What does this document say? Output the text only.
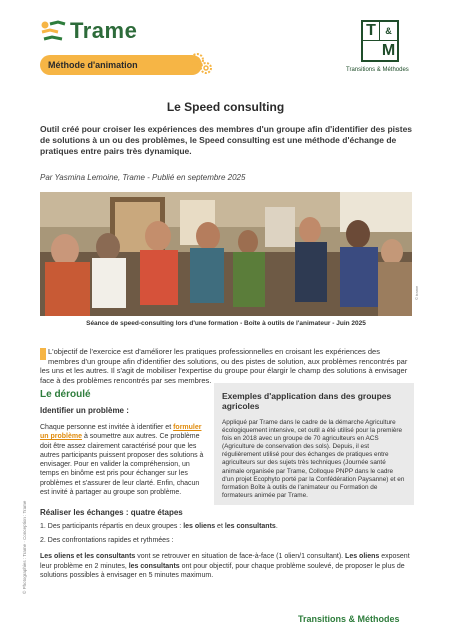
Trame	T	&
M
Transitions & Méthodes
Méthode d'animation
Le Speed consulting
Outil créé pour croiser les expériences des membres d'un groupe afin d'identifier des pistes de solutions à un ou des problèmes, le Speed consulting est une méthode d'échange de pratiques entre pairs très dynamique.
Par Yasmina Lemoine, Trame - Publié en septembre 2025
© trame
Séance de speed-consulting lors d'une formation - Boîte à outils de l'animateur - Juin 2025
L'objectif de l'exercice est d'améliorer les pratiques professionnelles en croisant les expériences des membres d'un groupe afin d'identifier des solutions, ou des pistes de solution, aux problèmes rencontrés par les uns et les autres. Il s'agit de mobiliser l'expertise du groupe pour élargir le champ des solutions à envisager face à des problèmes rencontrés par ses membres.
Le déroulé
Identifier un problème :
Chaque personne est invitée à identifier et formuler un problème à soumettre aux autres. Ce problème doit être assez clairement caractérisé pour que les autres participants puissent proposer des solutions à envisager. Pour en valider la compréhension, un temps en binôme est pris pour échanger sur les problèmes et s'assurer de leur clarté. Enfin, chacun est invité à partager au groupe son problème.
Exemples d'application dans des groupes agricoles
Appliqué par Trame dans le cadre de la démarche Agriculture écologiquement intensive, cet outil a été utilisé pour la première fois en 2018 avec un groupe de 70 agriculteurs en ACS (Agriculture de conservation des sols). Depuis, il est régulièrement utilisé pour des échanges de pratiques entre agriculteurs sur des sujets très techniques (Journée santé animale organisée par Trame, Colloque PNPP dans le cadre d'un projet Ecophyto porté par la Confédération Paysanne) et en formation Boîte à outils de l'animateur ou Formation de formateurs animée par Trame.
Réaliser les échanges : quatre étapes
1. Des participants répartis en deux groupes : les oliens et les consultants.
2. Des confrontations rapides et rythmées :
Les oliens et les consultants vont se retrouver en situation de face-à-face (1 olien/1 consultant). Les oliens exposent leur problème en 2 minutes, les consultants ont pour objectif, pour chaque problème soulevé, de proposer le plus de solutions possibles à envisager en 5 minutes maximum.
© Photographies : Trame · Conception : Trame
Transitions & Méthodes
